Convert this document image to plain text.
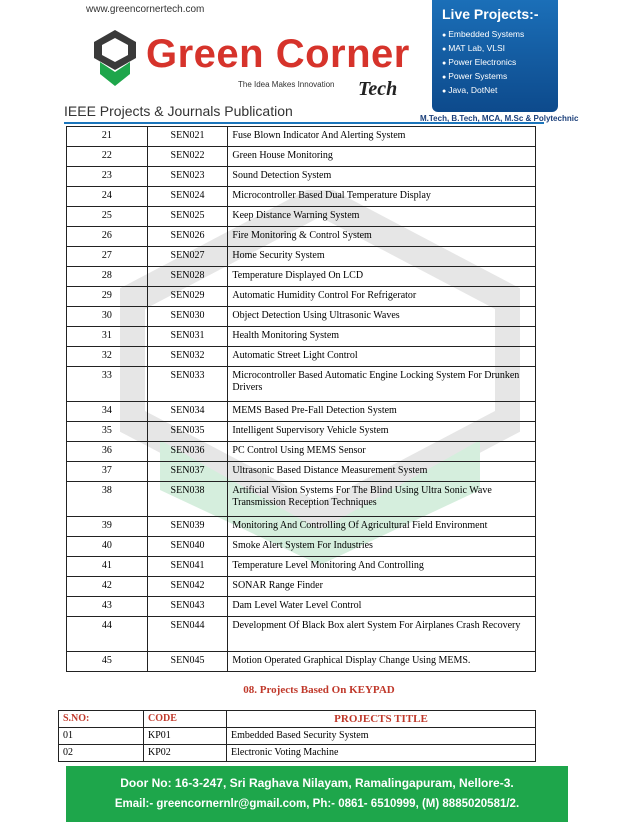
www.greencornertech.com
Green Corner
The Idea Makes Innovation Tech
IEEE Projects & Journals Publication
Live Projects:-
● Embedded Systems
● MAT Lab, VLSI
● Power Electronics
● Power Systems
● Java, DotNet
M.Tech, B.Tech, MCA, M.Sc & Polytechnic
21	SEN021	Fuse Blown Indicator And Alerting System
22	SEN022	Green House Monitoring
23	SEN023	Sound Detection System
24	SEN024	Microcontroller Based Dual Temperature Display
25	SEN025	Keep Distance Warning System
26	SEN026	Fire Monitoring & Control System
27	SEN027	Home Security System
28	SEN028	Temperature Displayed On LCD
29	SEN029	Automatic Humidity Control For Refrigerator
30	SEN030	Object Detection Using Ultrasonic Waves
31	SEN031	Health Monitoring System
32	SEN032	Automatic Street Light Control
33	SEN033	Microcontroller Based Automatic Engine Locking System For Drunken Drivers
34	SEN034	MEMS Based Pre-Fall Detection System
35	SEN035	Intelligent Supervisory Vehicle System
36	SEN036	PC Control Using MEMS Sensor
37	SEN037	Ultrasonic Based Distance Measurement System
38	SEN038	Artificial Vision Systems For The Blind Using Ultra Sonic Wave Transmission Reception Techniques
39	SEN039	Monitoring And Controlling Of Agricultural Field Environment
40	SEN040	Smoke Alert System For Industries
41	SEN041	Temperature Level Monitoring And Controlling
42	SEN042	SONAR Range Finder
43	SEN043	Dam Level Water Level Control
44	SEN044	Development Of Black Box alert System For Airplanes Crash Recovery
45	SEN045	Motion Operated Graphical Display Change Using MEMS.
08. Projects Based On KEYPAD
S.NO:	CODE	PROJECTS TITLE
01	KP01	Embedded Based Security System
02	KP02	Electronic Voting Machine
Door No: 16-3-247, Sri Raghava Nilayam, Ramalingapuram, Nellore-3.
Email:- greencornernlr@gmail.com, Ph:- 0861- 6510999, (M) 8885020581/2.
